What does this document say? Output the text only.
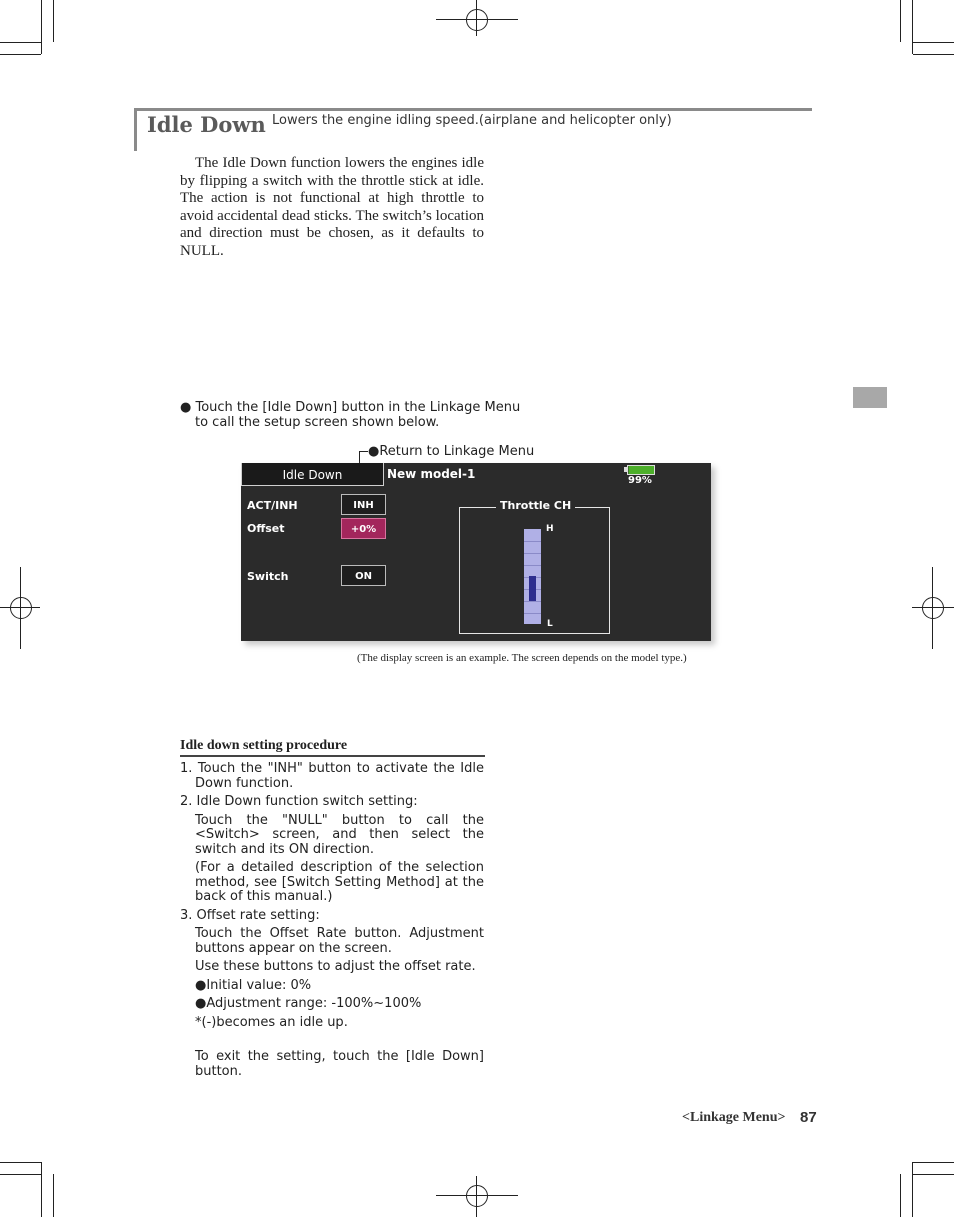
Idle Down Lowers the engine idling speed.(airplane and helicopter only)
The Idle Down function lowers the engines idle by flipping a switch with the throttle stick at idle. The action is not functional at high throttle to avoid accidental dead sticks. The switch’s location and direction must be chosen, as it defaults to NULL.
● Touch the [Idle Down] button in the Linkage Menu
to call the setup screen shown below.
●Return to Linkage Menu
Idle Down	New model-1	99%
ACT/INH	INH
Offset	+0%
Switch	ON
Throttle CH
H
L
(The display screen is an example. The screen depends on the model type.)
Idle down setting procedure

1. Touch the "INH" button to activate the Idle Down function.

2. Idle Down function switch setting:

Touch the "NULL" button to call the <Switch> screen, and then select the switch and its ON direction.

(For a detailed description of the selection method, see [Switch Setting Method] at the back of this manual.)

3. Offset rate setting:

Touch the Offset Rate button. Adjustment buttons appear on the screen.

Use these buttons to adjust the offset rate.

●Initial value: 0%

●Adjustment range: -100%~100%

*(-)becomes an idle up.

To exit the setting, touch the [Idle Down] button.

<Linkage Menu> 87
